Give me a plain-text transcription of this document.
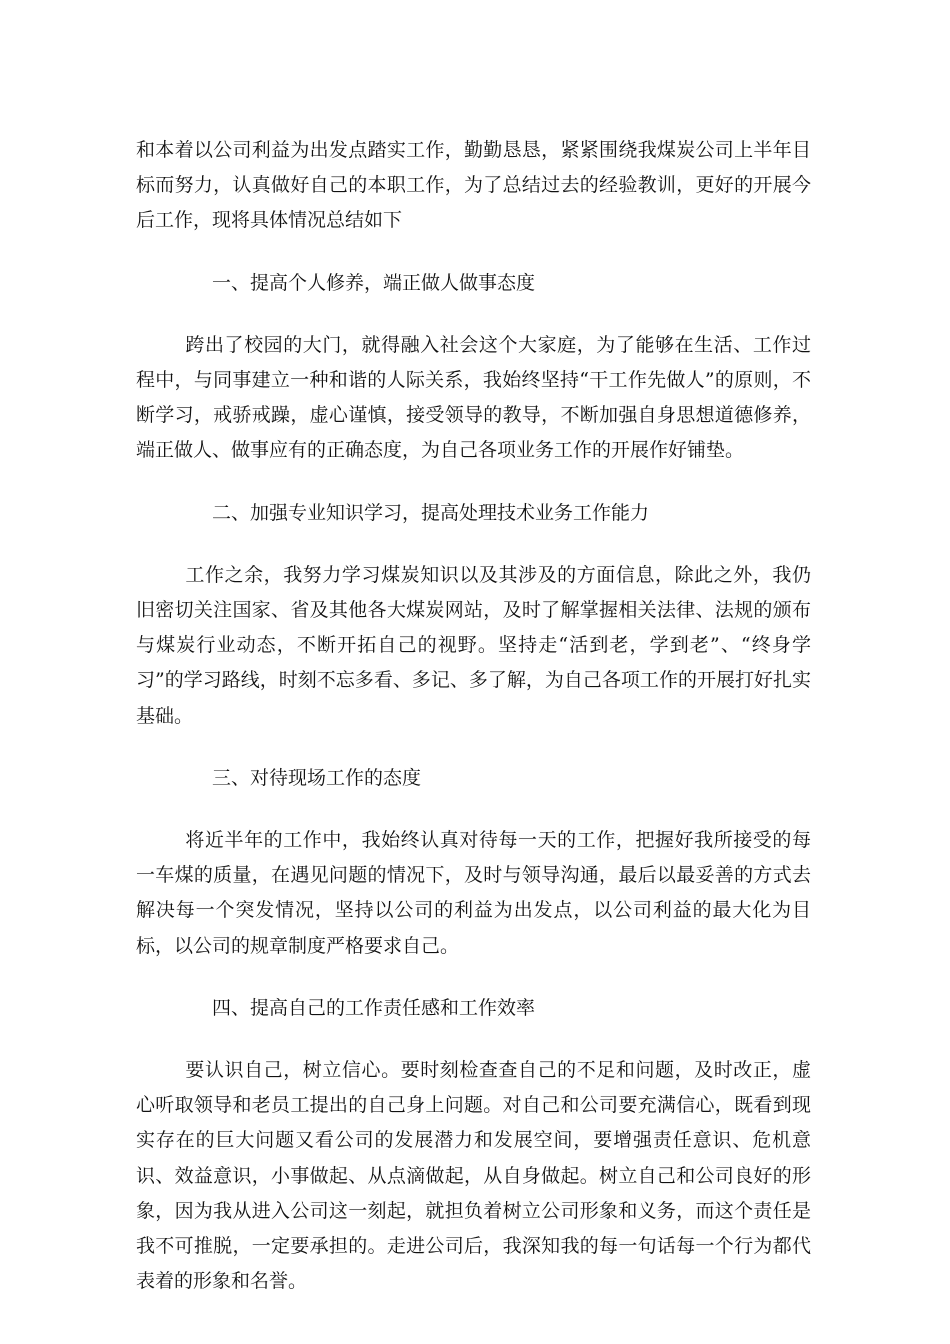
和本着以公司利益为出发点踏实工作，勤勤恳恳，紧紧围绕我煤炭公司上半年目标而努力，认真做好自己的本职工作，为了总结过去的经验教训，更好的开展今后工作，现将具体情况总结如下

一、提高个人修养，端正做人做事态度

跨出了校园的大门，就得融入社会这个大家庭，为了能够在生活、工作过程中，与同事建立一种和谐的人际关系，我始终坚持“干工作先做人”的原则，不断学习，戒骄戒躁，虚心谨慎，接受领导的教导，不断加强自身思想道德修养，端正做人、做事应有的正确态度，为自己各项业务工作的开展作好铺垫。

二、加强专业知识学习，提高处理技术业务工作能力

工作之余，我努力学习煤炭知识以及其涉及的方面信息，除此之外，我仍旧密切关注国家、省及其他各大煤炭网站，及时了解掌握相关法律、法规的颁布与煤炭行业动态，不断开拓自己的视野。坚持走“活到老，学到老”、“终身学习”的学习路线，时刻不忘多看、多记、多了解，为自己各项工作的开展打好扎实基础。

三、对待现场工作的态度

将近半年的工作中，我始终认真对待每一天的工作，把握好我所接受的每一车煤的质量，在遇见问题的情况下，及时与领导沟通，最后以最妥善的方式去解决每一个突发情况，坚持以公司的利益为出发点，以公司利益的最大化为目标，以公司的规章制度严格要求自己。

四、提高自己的工作责任感和工作效率

要认识自己，树立信心。要时刻检查查自己的不足和问题，及时改正，虚心听取领导和老员工提出的自己身上问题。对自己和公司要充满信心，既看到现实存在的巨大问题又看公司的发展潜力和发展空间，要增强责任意识、危机意识、效益意识，小事做起、从点滴做起，从自身做起。树立自己和公司良好的形象，因为我从进入公司这一刻起，就担负着树立公司形象和义务，而这个责任是我不可推脱，一定要承担的。走进公司后，我深知我的每一句话每一个行为都代表着的形象和名誉。
